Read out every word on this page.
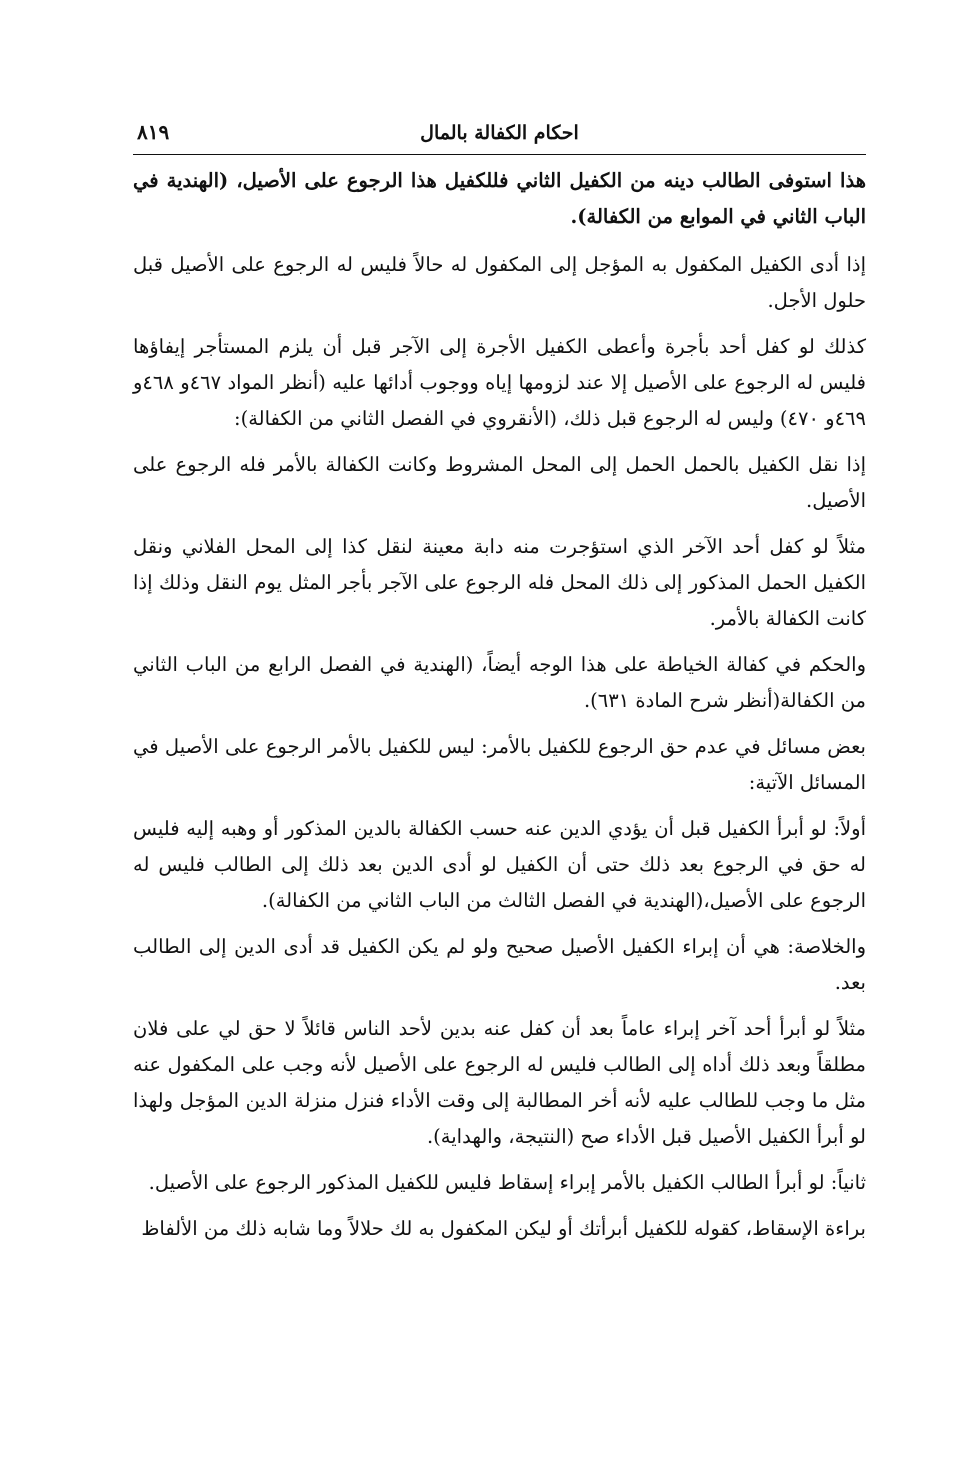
احكام الكفالة بالمال
٨١٩

هذا استوفى الطالب دينه من الكفيل الثاني فللكفيل هذا الرجوع على الأصيل، (الهندية في الباب الثاني في الموابع من الكفالة).

إذا أدى الكفيل المكفول به المؤجل إلى المكفول له حالاً فليس له الرجوع على الأصيل قبل حلول الأجل.

كذلك لو كفل أحد بأجرة وأعطى الكفيل الأجرة إلى الآجر قبل أن يلزم المستأجر إيفاؤها فليس له الرجوع على الأصيل إلا عند لزومها إياه ووجوب أدائها عليه (أنظر المواد ٤٦٧و ٤٦٨و ٤٦٩و ٤٧٠) وليس له الرجوع قبل ذلك، (الأنقروي في الفصل الثاني من الكفالة):

إذا نقل الكفيل بالحمل الحمل إلى المحل المشروط وكانت الكفالة بالأمر فله الرجوع على الأصيل.

مثلاً لو كفل أحد الآخر الذي استؤجرت منه دابة معينة لنقل كذا إلى المحل الفلاني ونقل الكفيل الحمل المذكور إلى ذلك المحل فله الرجوع على الآجر بأجر المثل يوم النقل وذلك إذا كانت الكفالة بالأمر.

والحكم في كفالة الخياطة على هذا الوجه أيضاً، (الهندية في الفصل الرابع من الباب الثاني من الكفالة(أنظر شرح المادة ٦٣١).

بعض مسائل في عدم حق الرجوع للكفيل بالأمر: ليس للكفيل بالأمر الرجوع على الأصيل في المسائل الآتية:

أولاً: لو أبرأ الكفيل قبل أن يؤدي الدين عنه حسب الكفالة بالدين المذكور أو وهبه إليه فليس له حق في الرجوع بعد ذلك حتى أن الكفيل لو أدى الدين بعد ذلك إلى الطالب فليس له الرجوع على الأصيل،(الهندية في الفصل الثالث من الباب الثاني من الكفالة).

والخلاصة: هي أن إبراء الكفيل الأصيل صحيح ولو لم يكن الكفيل قد أدى الدين إلى الطالب بعد.

مثلاً لو أبرأ أحد آخر إبراء عاماً بعد أن كفل عنه بدين لأحد الناس قائلاً لا حق لي على فلان مطلقاً وبعد ذلك أداه إلى الطالب فليس له الرجوع على الأصيل لأنه وجب على المكفول عنه مثل ما وجب للطالب عليه لأنه أخر المطالبة إلى وقت الأداء فنزل منزلة الدين المؤجل ولهذا لو أبرأ الكفيل الأصيل قبل الأداء صح (النتيجة، والهداية).

ثانياً: لو أبرأ الطالب الكفيل بالأمر إبراء إسقاط فليس للكفيل المذكور الرجوع على الأصيل.

براءة الإسقاط، كقوله للكفيل أبرأتك أو ليكن المكفول به لك حلالاً وما شابه ذلك من الألفاظ
